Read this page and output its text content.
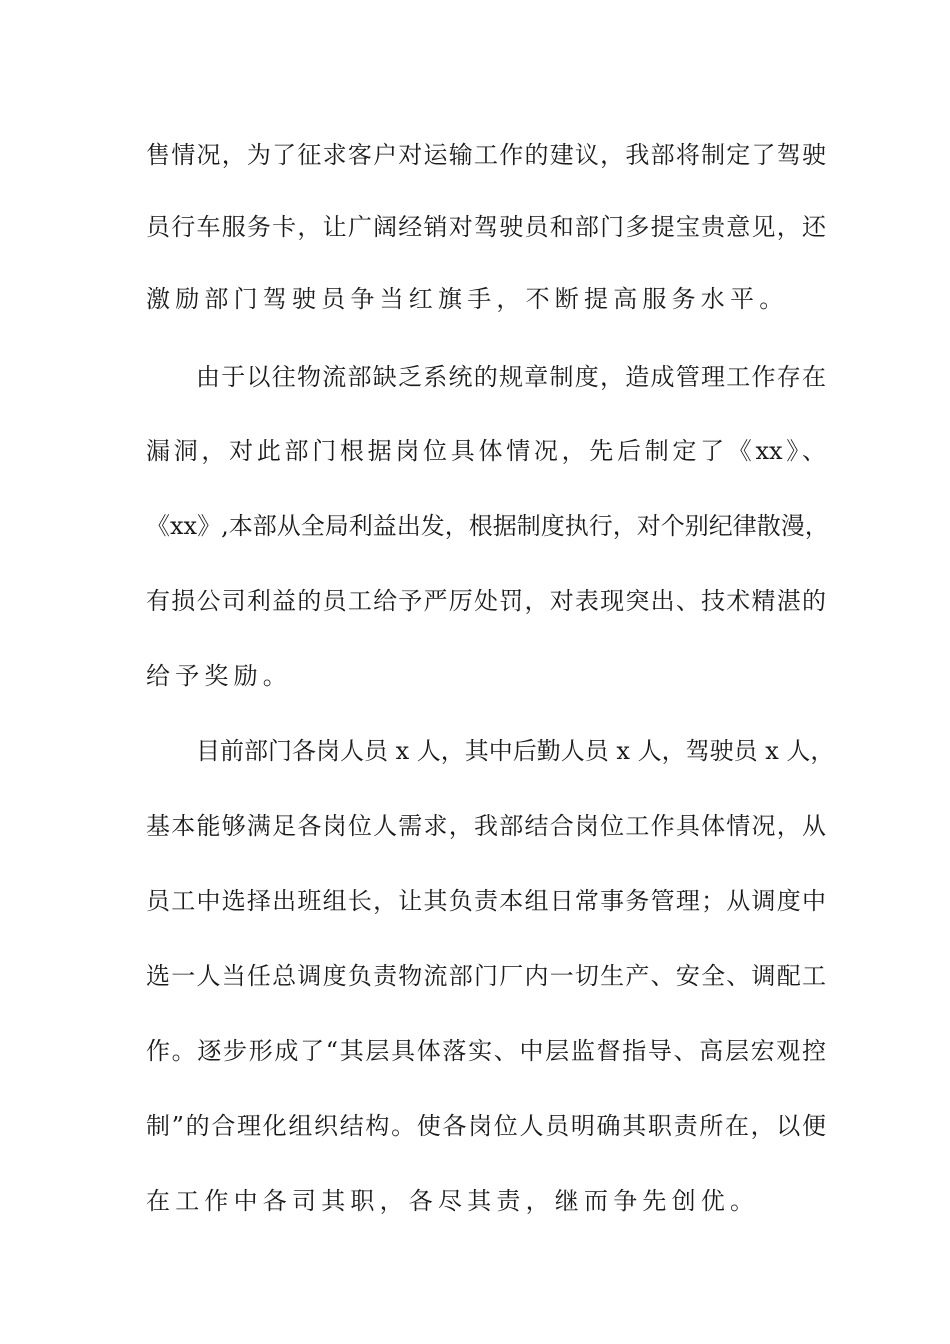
售情况，为了征求客户对运输工作的建议，我部将制定了驾驶
员行车服务卡，让广阔经销对驾驶员和部门多提宝贵意见，还
激励部门驾驶员争当红旗手，不断提高服务水平。
由于以往物流部缺乏系统的规章制度，造成管理工作存在
漏洞，对此部门根据岗位具体情况，先后制定了《xx》、
《xx》,本部从全局利益出发，根据制度执行，对个别纪律散漫，
有损公司利益的员工给予严厉处罚，对表现突出、技术精湛的
给予奖励。
目前部门各岗人员 x 人，其中后勤人员 x 人，驾驶员 x 人，
基本能够满足各岗位人需求，我部结合岗位工作具体情况，从
员工中选择出班组长，让其负责本组日常事务管理；从调度中
选一人当任总调度负责物流部门厂内一切生产、安全、调配工
作。逐步形成了“其层具体落实、中层监督指导、高层宏观控
制”的合理化组织结构。使各岗位人员明确其职责所在，以便
在工作中各司其职，各尽其责，继而争先创优。
